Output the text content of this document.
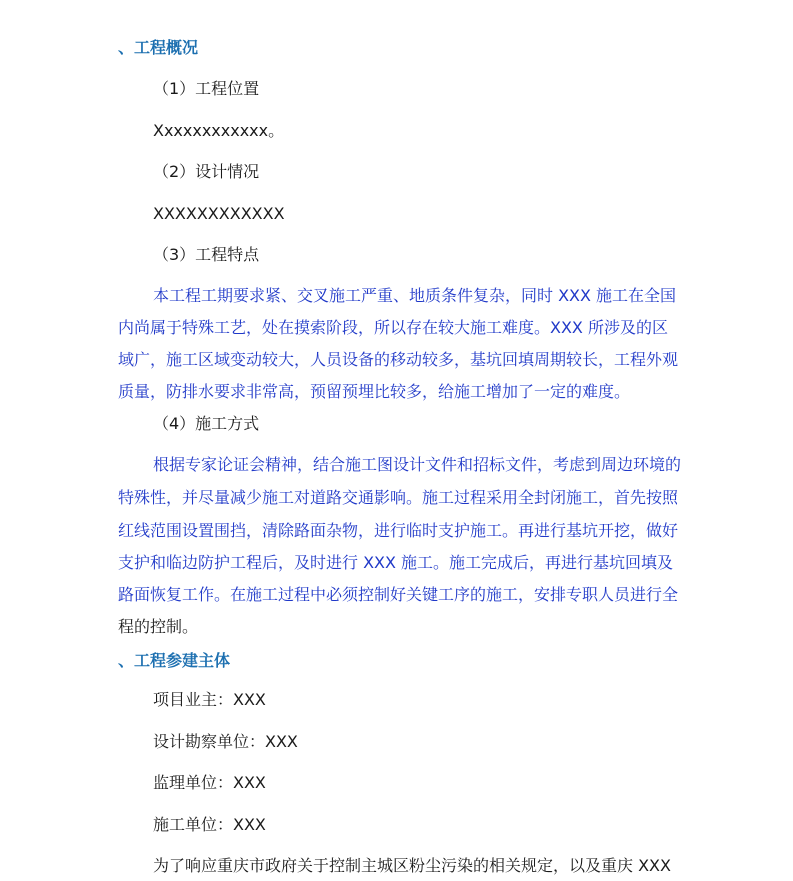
、工程概况
（1）工程位置
Xxxxxxxxxxxx。
（2）设计情况
XXXXXXXXXXXX
（3）工程特点
本工程工期要求紧、交叉施工严重、地质条件复杂，同时 XXX 施工在全国
内尚属于特殊工艺，处在摸索阶段，所以存在较大施工难度。XXX 所涉及的区
域广，施工区域变动较大，人员设备的移动较多，基坑回填周期较长，工程外观
质量，防排水要求非常高，预留预埋比较多，给施工增加了一定的难度。
（4）施工方式
根据专家论证会精神，结合施工图设计文件和招标文件，考虑到周边环境的
特殊性，并尽量减少施工对道路交通影响。施工过程采用全封闭施工，首先按照
红线范围设置围挡，清除路面杂物，进行临时支护施工。再进行基坑开挖，做好
支护和临边防护工程后，及时进行 XXX 施工。施工完成后，再进行基坑回填及
路面恢复工作。在施工过程中必须控制好关键工序的施工，安排专职人员进行全
程的控制。
、工程参建主体
项目业主：XXX
设计勘察单位：XXX
监理单位：XXX
施工单位：XXX
为了响应重庆市政府关于控制主城区粉尘污染的相关规定，以及重庆 XXX
